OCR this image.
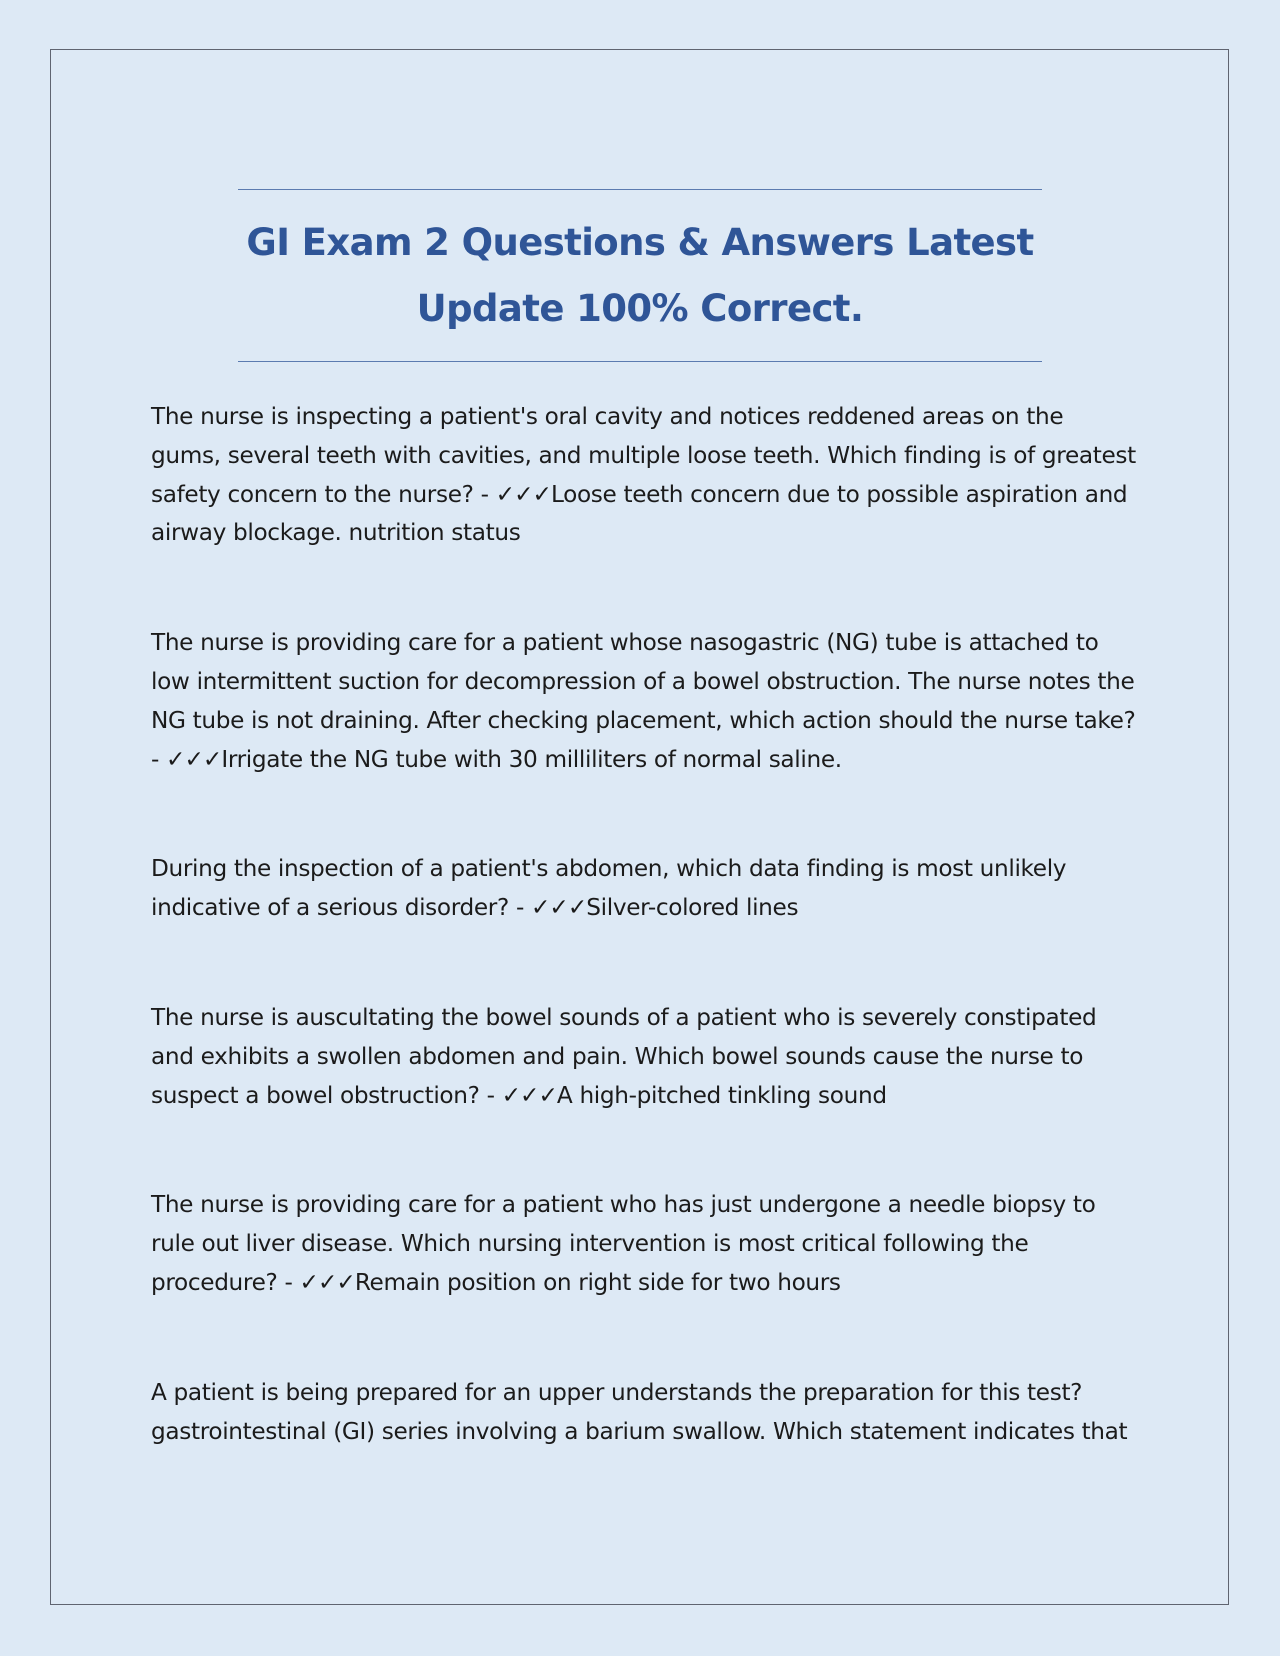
GI Exam 2 Questions & Answers Latest
Update 100% Correct.

The nurse is inspecting a patient's oral cavity and notices reddened areas on the gums, several teeth with cavities, and multiple loose teeth. Which finding is of greatest safety concern to the nurse? - ✓✓✓Loose teeth concern due to possible aspiration and airway blockage. nutrition status

The nurse is providing care for a patient whose nasogastric (NG) tube is attached to low intermittent suction for decompression of a bowel obstruction. The nurse notes the NG tube is not draining. After checking placement, which action should the nurse take? - ✓✓✓Irrigate the NG tube with 30 milliliters of normal saline.

During the inspection of a patient's abdomen, which data finding is most unlikely indicative of a serious disorder? - ✓✓✓Silver-colored lines

The nurse is auscultating the bowel sounds of a patient who is severely constipated and exhibits a swollen abdomen and pain. Which bowel sounds cause the nurse to suspect a bowel obstruction? - ✓✓✓A high-pitched tinkling sound

The nurse is providing care for a patient who has just undergone a needle biopsy to rule out liver disease. Which nursing intervention is most critical following the procedure? - ✓✓✓Remain position on right side for two hours

A patient is being prepared for an upper understands the preparation for this test? gastrointestinal (GI) series involving a barium swallow. Which statement indicates that
